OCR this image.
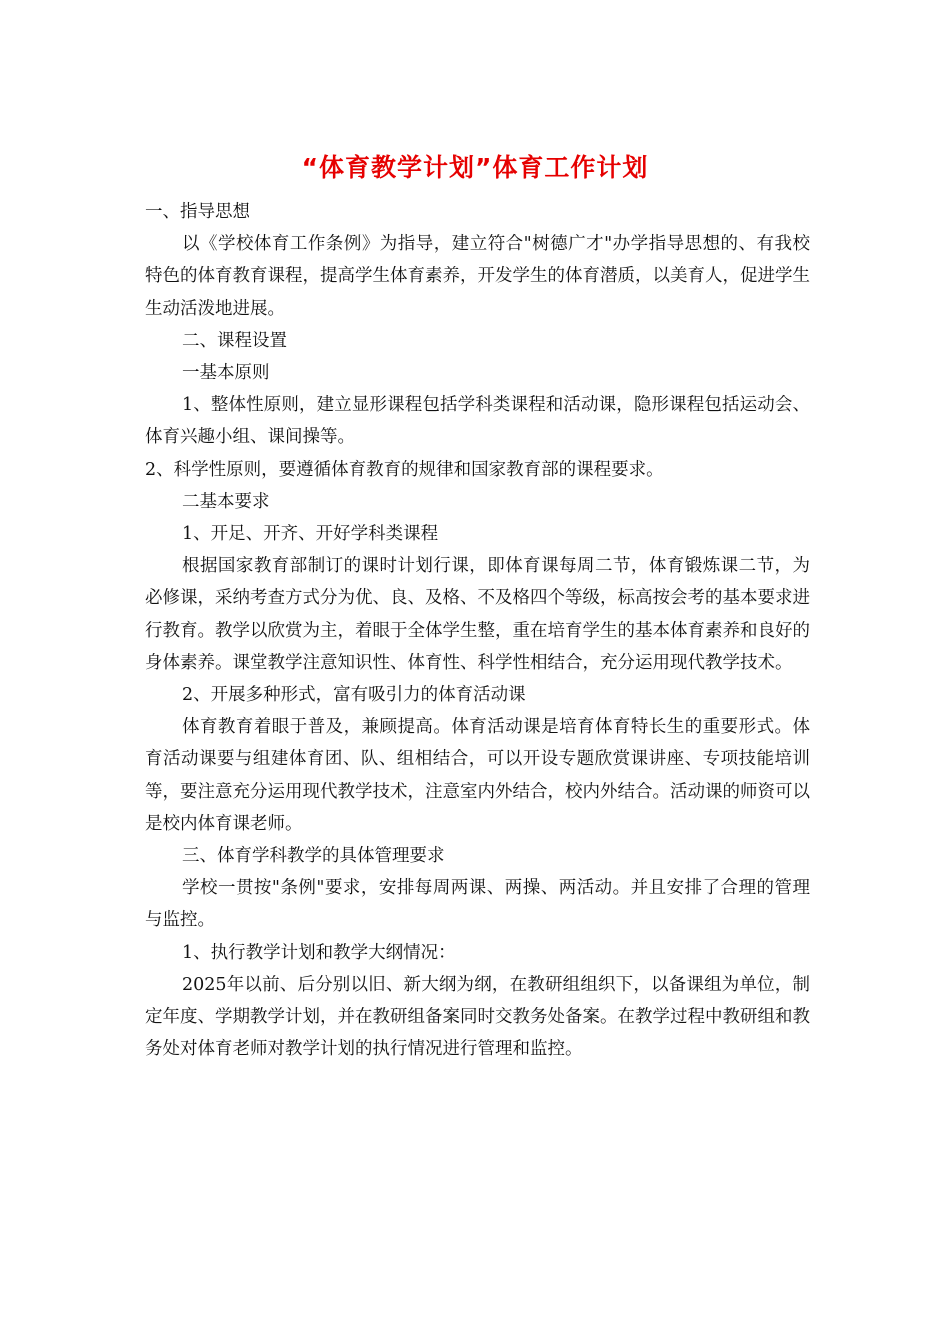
“体育教学计划”体育工作计划

一、指导思想

以《学校体育工作条例》为指导，建立符合"树德广才"办学指导思想的、有我校特色的体育教育课程，提高学生体育素养，开发学生的体育潜质，以美育人，促进学生生动活泼地进展。

二、课程设置

一基本原则

1、整体性原则，建立显形课程包括学科类课程和活动课，隐形课程包括运动会、体育兴趣小组、课间操等。

2、科学性原则，要遵循体育教育的规律和国家教育部的课程要求。

二基本要求

1、开足、开齐、开好学科类课程

根据国家教育部制订的课时计划行课，即体育课每周二节，体育锻炼课二节，为必修课，采纳考查方式分为优、良、及格、不及格四个等级，标高按会考的基本要求进行教育。教学以欣赏为主，着眼于全体学生整，重在培育学生的基本体育素养和良好的身体素养。课堂教学注意知识性、体育性、科学性相结合，充分运用现代教学技术。

2、开展多种形式，富有吸引力的体育活动课

体育教育着眼于普及，兼顾提高。体育活动课是培育体育特长生的重要形式。体育活动课要与组建体育团、队、组相结合，可以开设专题欣赏课讲座、专项技能培训等，要注意充分运用现代教学技术，注意室内外结合，校内外结合。活动课的师资可以是校内体育课老师。

三、体育学科教学的具体管理要求

学校一贯按"条例"要求，安排每周两课、两操、两活动。并且安排了合理的管理与监控。

1、执行教学计划和教学大纲情况：

2025年以前、后分别以旧、新大纲为纲，在教研组组织下，以备课组为单位，制定年度、学期教学计划，并在教研组备案同时交教务处备案。在教学过程中教研组和教务处对体育老师对教学计划的执行情况进行管理和监控。
